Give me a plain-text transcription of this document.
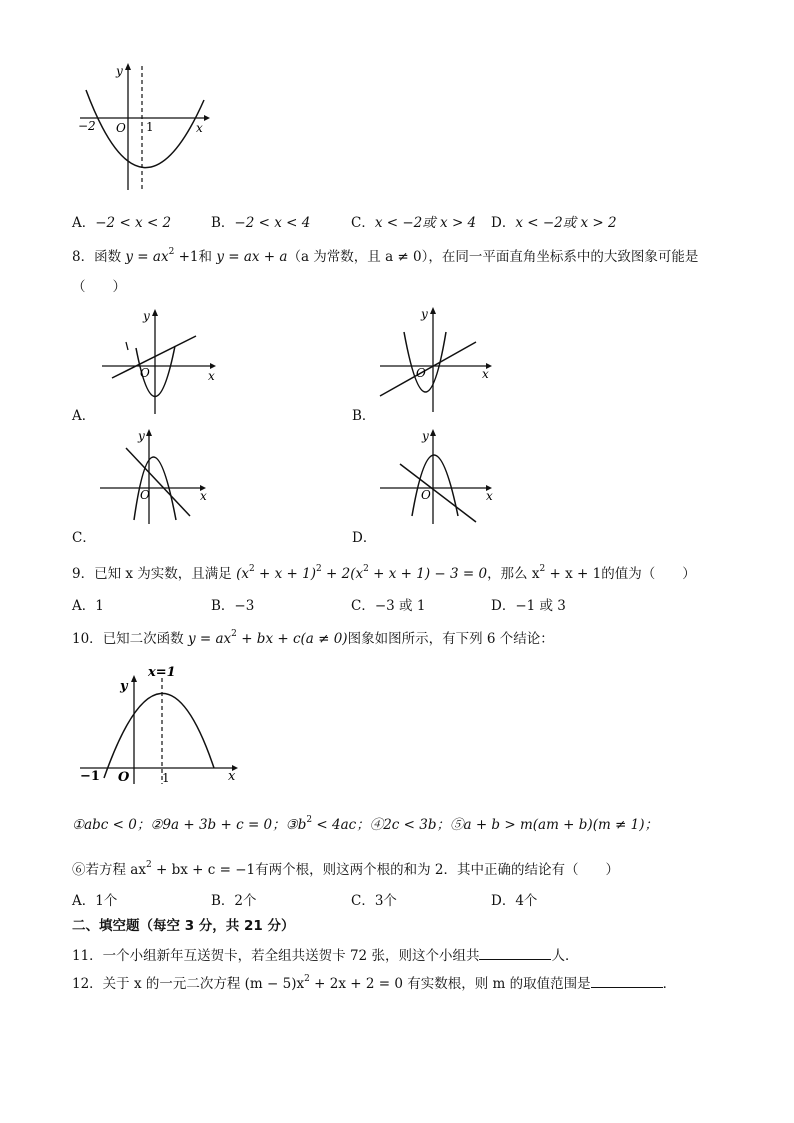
y
x
O
−2	1
A．−2 < x < 2	B．−2 < x < 4	C．x < −2或 x > 4 D．x < −2或 x > 2
8．函数 $y = ax^2 +1$和 y = ax + a（a 为常数，且 a ≠ 0），在同一平面直角坐标系中的大致图象可能是
（　　）
y
x
O
A．
y
x
O
B．
y
x
O
C．
y
x
O
D．
9．已知 x 为实数，且满足 $(x^2 + x + 1)^2 + 2(x^2 + x + 1) - 3 = 0$，那么 $x^2 + x + 1$的值为（　　）
A．1	B．−3	C．−3 或 1	D．−1 或 3
10．已知二次函数 $y = ax^2$ + bx + c(a ≠ 0)图象如图所示，有下列 6 个结论：
y
x=1
x
O
−1	1
①abc < 0；②9a + 3b + c = 0；$③b^2 < 4ac$；④2c < 3b；⑤a + b > m(am + b)(m ≠ 1)；
⑥若方程 $ax^2$ + bx + c = −1有两个根，则这两个根的和为 2．其中正确的结论有（　　）
A．1个	B．2个	C．3个	D．4个
二、填空题（每空 3 分，共 21 分）
11．一个小组新年互送贺卡，若全组共送贺卡 72 张，则这个小组共	人．
12．关于 x 的一元二次方程 $(m - 5)x^2 + 2x + 2 = 0$ 有实数根，则 m 的取值范围是	．
